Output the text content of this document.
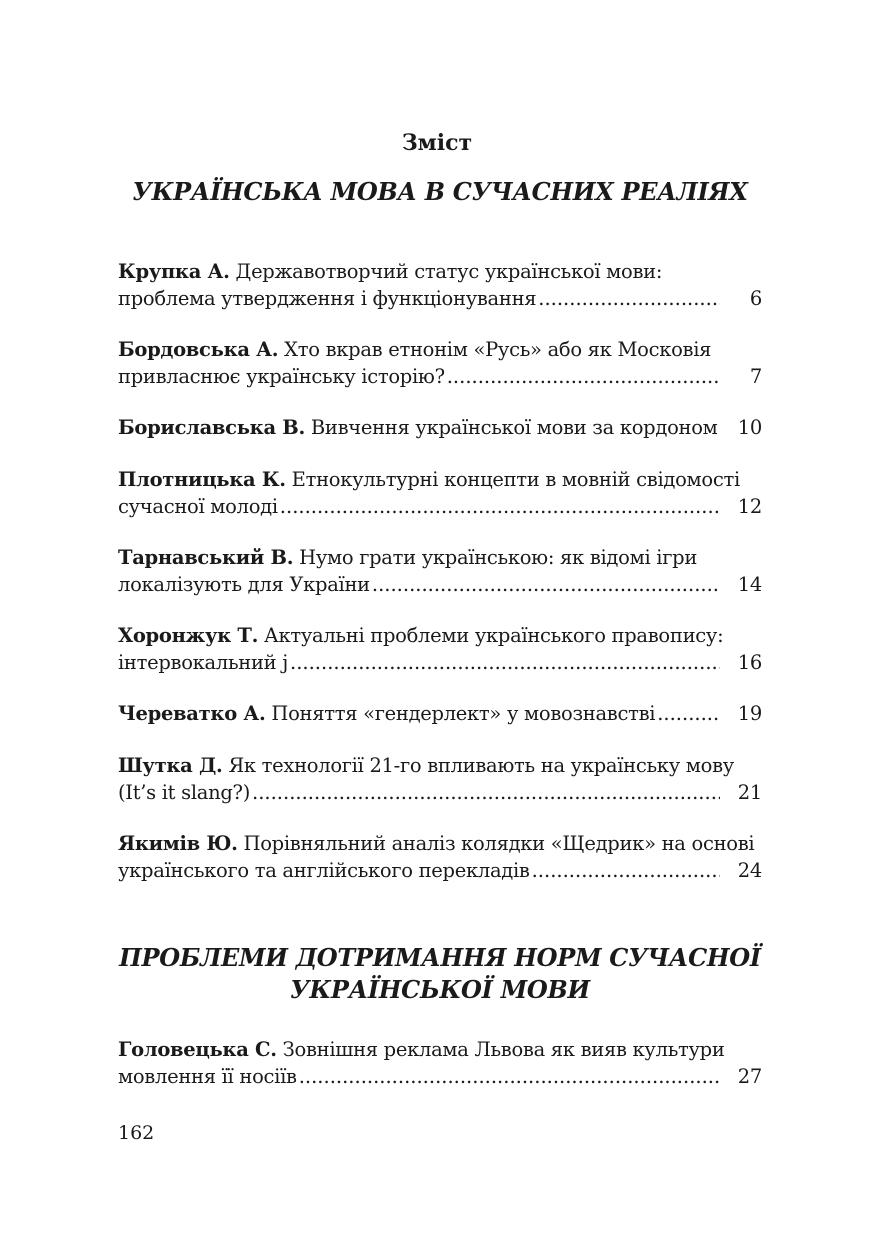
Зміст
УКРАЇНСЬКА МОВА В СУЧАСНИХ РЕАЛІЯХ
Крупка А. Державотворчий статус української мови:
проблема утвердження і функціонування .....	6
Бордовська А. Хто вкрав етнонім «Русь» або як Московія
привласнює українську історію? .....	7
Бориславська В.
Вивчення української мови за кордоном .....	10
Плотницька К. Етнокультурні концепти в мовній свідомості
сучасної молоді .....	12
Тарнавський В. Нумо грати українською: як відомі ігри
локалізують для України .....	14
Хоронжук Т. Актуальні проблеми українського правопису:
інтервокальний j .....	16
Череватко А.
Поняття «гендерлект» у мовознавстві .....	19
Шутка Д. Як технології 21-го впливають на українську мову
(It’s it slang?) .....	21
Якимів Ю. Порівняльний аналіз колядки «Щедрик» на основі
українського та англійського перекладів .....	24
ПРОБЛЕМИ ДОТРИМАННЯ НОРМ СУЧАСНОЇ
УКРАЇНСЬКОЇ МОВИ
Головецька С. Зовнішня реклама Львова як вияв культури
мовлення її носіїв .....	27
162
